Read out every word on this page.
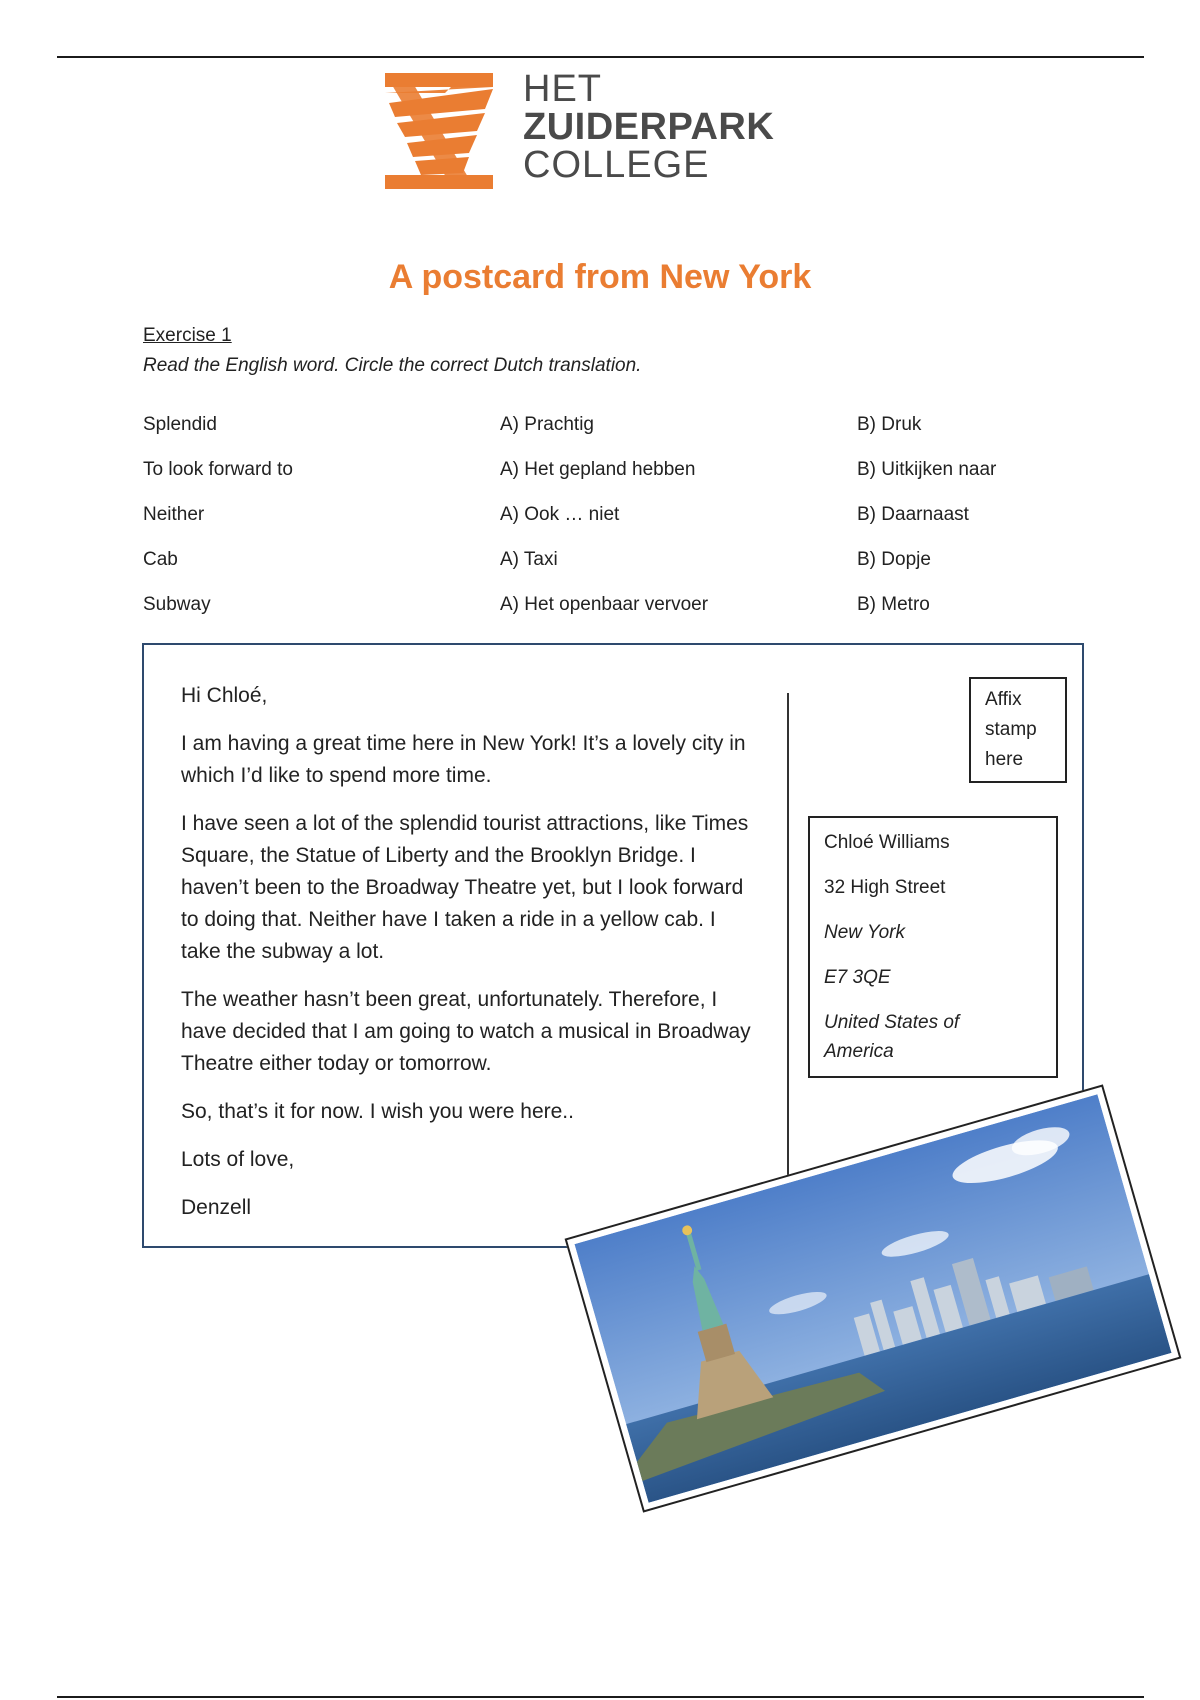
HET
ZUIDERPARK
COLLEGE
A postcard from New York
Exercise 1
Read the English word. Circle the correct Dutch translation.
Splendid	A) Prachtig	B) Druk
To look forward to	A) Het gepland hebben	B) Uitkijken naar
Neither	A) Ook … niet	B) Daarnaast
Cab	A) Taxi	B) Dopje
Subway	A) Het openbaar vervoer	B) Metro

Hi Chloé,

I am having a great time here in New York! It’s a lovely city in which I’d like to spend more time.

I have seen a lot of the splendid tourist attractions, like Times Square, the Statue of Liberty and the Brooklyn Bridge. I haven’t been to the Broadway Theatre yet, but I look forward to doing that. Neither have I taken a ride in a yellow cab. I take the subway a lot.

The weather hasn’t been great, unfortunately. Therefore, I have decided that I am going to watch a musical in Broadway Theatre either today or tomorrow.

So, that’s it for now. I wish you were here..

Lots of love,

Denzell

Affix
stamp
here
Chloé Williams
32 High Street
New York
E7 3QE
United States of
America
